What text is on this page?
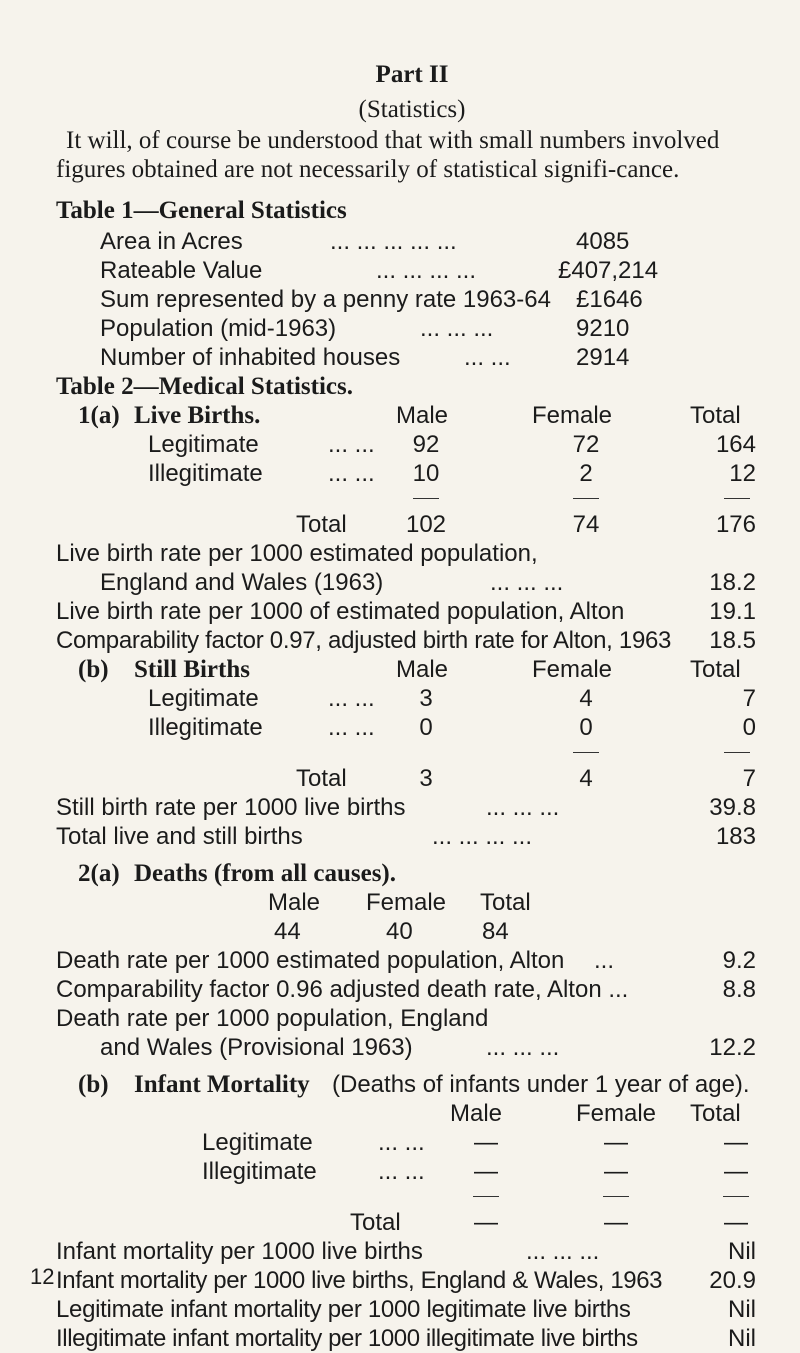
Part II
(Statistics)
It will, of course be understood that with small numbers involved figures obtained are not necessarily of statistical signifi-cance.
Table 1—General Statistics
Area in Acres	... ... ... ... ...	4085
Rateable Value	... ... ... ...	£407,214
Sum represented by a penny rate 1963-64 £1646
Population (mid-1963)	... ... ...	9210
Number of inhabited houses	... ...	2914
Table 2—Medical Statistics.
1(a) Live Births.	Male	Female	Total
Legitimate	... ... 92	72	164
Illegitimate	... ... 10	2	12
Total 102	74	176
Live birth rate per 1000 estimated population,
England and Wales (1963)	... ... ...	18.2
Live birth rate per 1000 of estimated population, Alton	19.1
Comparability factor 0.97, adjusted birth rate for Alton, 1963	18.5
(b) Still Births	Male	Female	Total
Legitimate	... ...	3	4	7
Illegitimate	... ...	0	0	0
Total	3	4	7
Still birth rate per 1000 live births	... ... ...	39.8
Total live and still births	... ... ... ...	183
2(a) Deaths (from all causes).
Male Female Total
44	40	84
Death rate per 1000 estimated population, Alton ...	9.2
Comparability factor 0.96 adjusted death rate, Alton ...	8.8
Death rate per 1000 population, England
and Wales (Provisional 1963)	... ... ...	12.2
(b) Infant Mortality (Deaths of infants under 1 year of age).
Male	Female Total
Legitimate	... ...	—	—	—
Illegitimate	... ...	—	—	—
Total	—	—	—
Infant mortality per 1000 live births	... ... ...	Nil
Infant mortality per 1000 live births, England & Wales, 1963	20.9
Legitimate infant mortality per 1000 legitimate live births	Nil
Illegitimate infant mortality per 1000 illegitimate live births	Nil
12
